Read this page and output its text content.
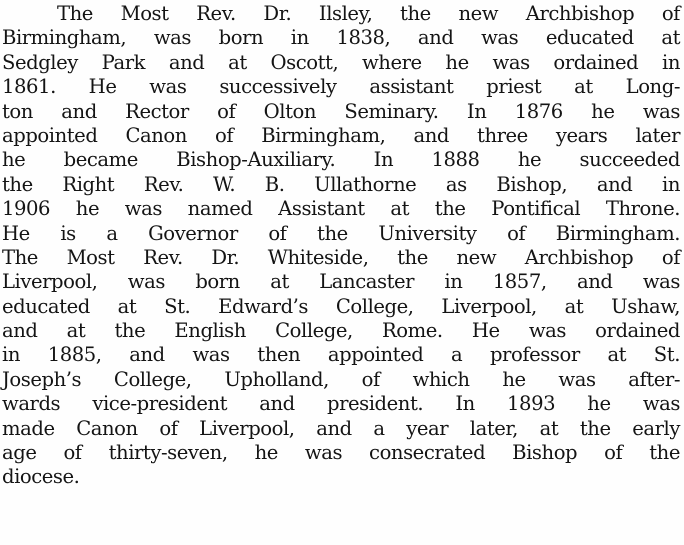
The Most Rev. Dr. Ilsley, the new Archbishop of
Birmingham, was born in 1838, and was educated at
Sedgley Park and at Oscott, where he was ordained in
1861. He was successively assistant priest at Long-
ton and Rector of Olton Seminary. In 1876 he was
appointed Canon of Birmingham, and three years later
he became Bishop-Auxiliary. In 1888 he succeeded
the Right Rev. W. B. Ullathorne as Bishop, and in
1906 he was named Assistant at the Pontifical Throne.
He is a Governor of the University of Birmingham.
The Most Rev. Dr. Whiteside, the new Archbishop of
Liverpool, was born at Lancaster in 1857, and was
educated at St. Edward’s College, Liverpool, at Ushaw,
and at the English College, Rome. He was ordained
in 1885, and was then appointed a professor at St.
Joseph’s College, Upholland, of which he was after-
wards vice-president and president. In 1893 he was
made Canon of Liverpool, and a year later, at the early
age of thirty-seven, he was consecrated Bishop of the
diocese.
